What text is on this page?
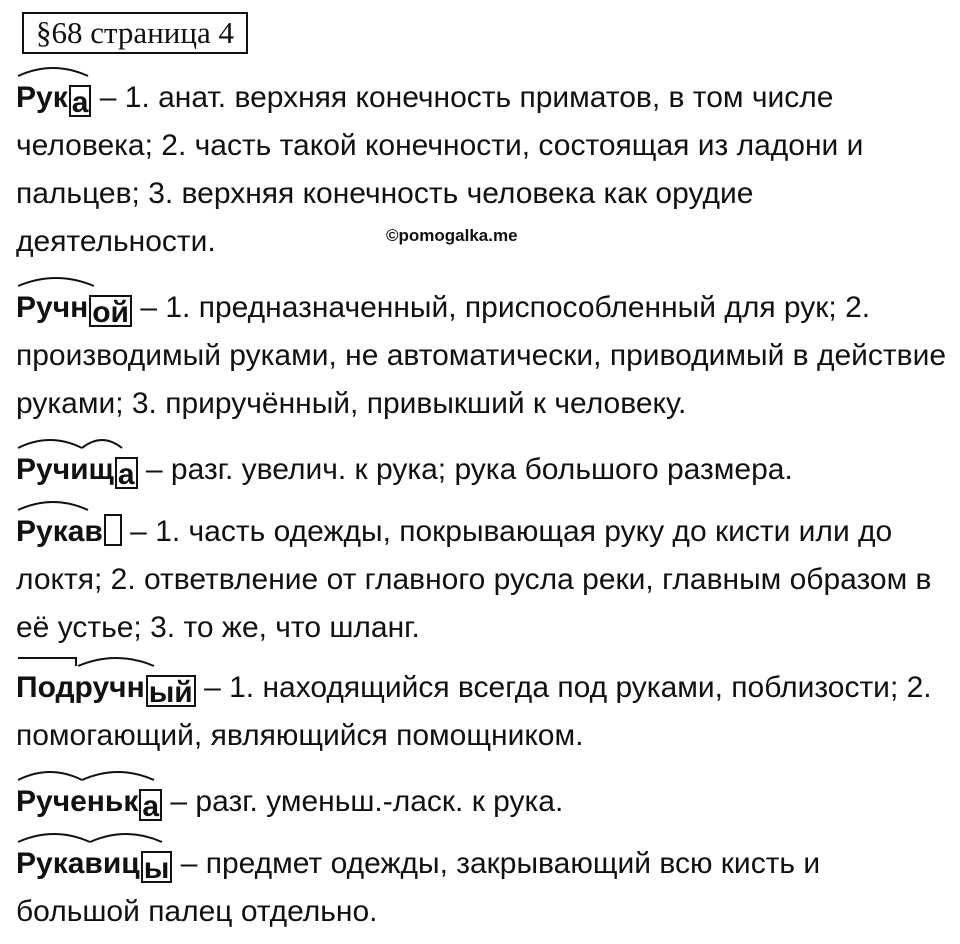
§68 страница 4
Рук а – 1. анат. верхняя конечность приматов, в том числе человека; 2. часть такой конечности, состоящая из ладони и пальцев; 3. верхняя конечность человека как орудие деятельности.	©pomogalka.me
Ручн ой – 1. предназначенный, приспособленный для рук; 2. производимый руками, не автоматически, приводимый в действие руками; 3. приручённый, привыкший к человеку.
Ручищ а – разг. увелич. к рука; рука большого размера.
Рукав – 1. часть одежды, покрывающая руку до кисти или до локтя; 2. ответвление от главного русла реки, главным образом в её устье; 3. то же, что шланг.
Подручн ый – 1. находящийся всегда под руками, поблизости; 2. помогающий, являющийся помощником.
Рученьк а – разг. уменьш.-ласк. к рука.
Рукавиц ы – предмет одежды, закрывающий всю кисть и большой палец отдельно.
